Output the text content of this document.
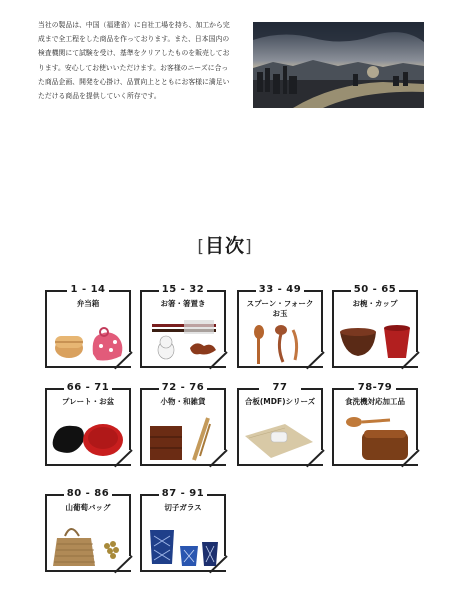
当社の製品は、中国（福建省）に自社工場を持ち、加工から完
成まで全工程をした商品を作っております。また、日本国内の
検査機関にて試験を受け、基準をクリアしたものを販売してお
ります。安心してお使いいただけます。お客様のニーズに合っ
た商品企画、開発を心掛け、品質向上とともにお客様に満足い
ただける商品を提供していく所存です。
[目次]
1 - 14
弁当箱
15 - 32
お箸・箸置き
33 - 49
スプーン・フォーク
お玉
50 - 65
お椀・カップ
66 - 71
プレート・お盆
72 - 76
小物・和雑貨
77
合板(MDF)シリーズ
78-79
食洗機対応加工品
80 - 86
山葡萄バッグ
87 - 91
切子ガラス
